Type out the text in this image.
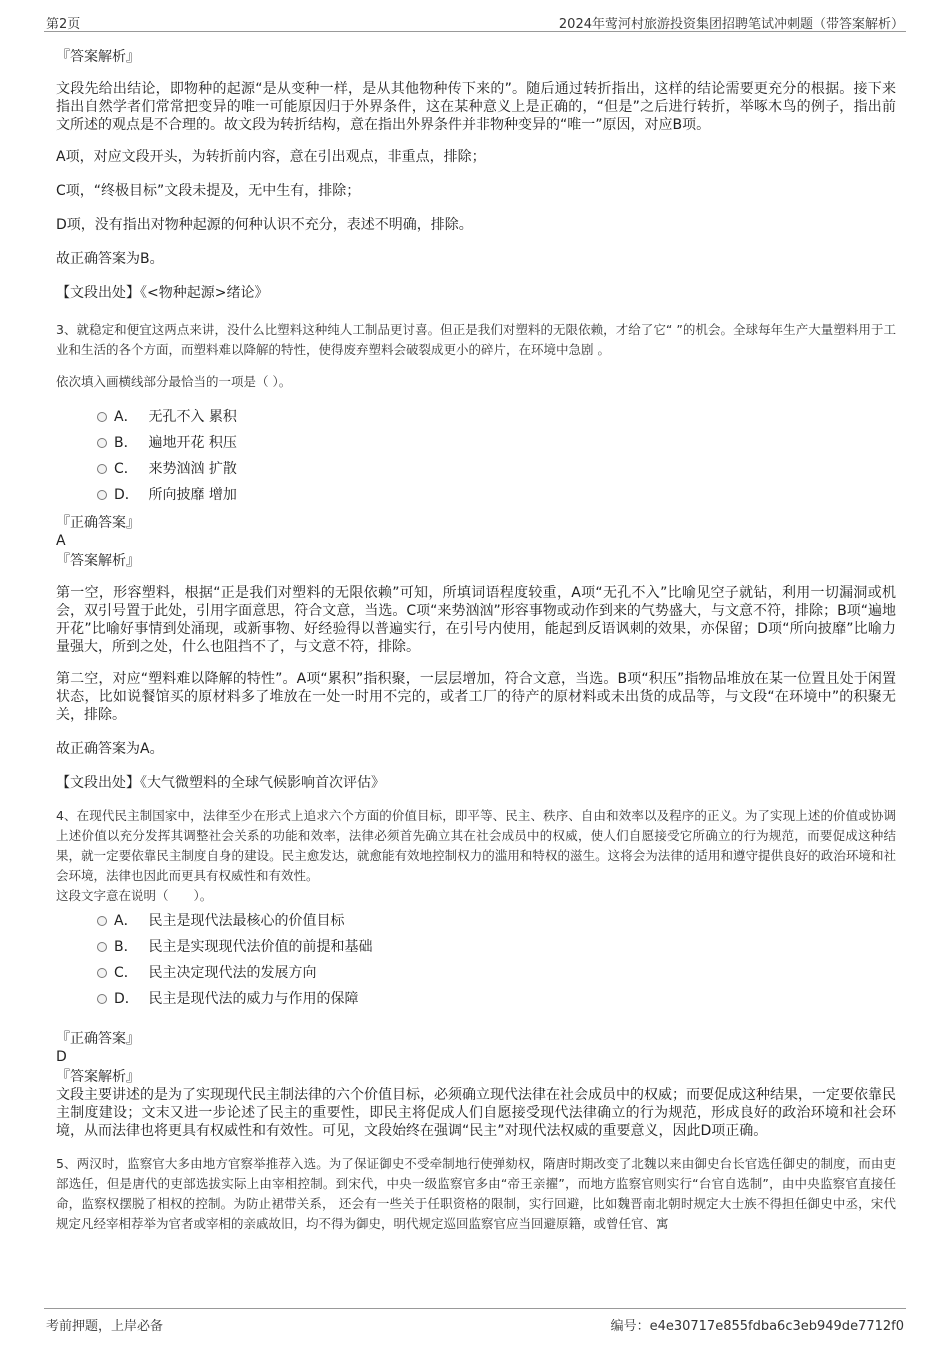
第2页	2024年莺河村旅游投资集团招聘笔试冲刺题（带答案解析）

『答案解析』

文段先给出结论，即物种的起源“是从变种一样，是从其他物种传下来的”。随后通过转折指出，这样的结论需要更充分的根据。接下来指出自然学者们常常把变异的唯一可能原因归于外界条件，这在某种意义上是正确的，“但是”之后进行转折，举啄木鸟的例子，指出前文所述的观点是不合理的。故文段为转折结构，意在指出外界条件并非物种变异的“唯一”原因，对应B项。

A项，对应文段开头，为转折前内容，意在引出观点，非重点，排除；

C项，“终极目标”文段未提及，无中生有，排除；

D项，没有指出对物种起源的何种认识不充分，表述不明确，排除。

故正确答案为B。

【文段出处】《<物种起源>绪论》

3、就稳定和便宜这两点来讲，没什么比塑料这种纯人工制品更讨喜。但正是我们对塑料的无限依赖，才给了它“ ”的机会。全球每年生产大量塑料用于工业和生活的各个方面，而塑料难以降解的特性，使得废弃塑料会破裂成更小的碎片，在环境中急剧 。

依次填入画横线部分最恰当的一项是（ ）。

A． 无孔不入 累积
B． 遍地开花 积压
C． 来势汹汹 扩散
D． 所向披靡 增加

『正确答案』

A

『答案解析』

第一空，形容塑料，根据“正是我们对塑料的无限依赖”可知，所填词语程度较重，A项“无孔不入”比喻见空子就钻，利用一切漏洞或机会，双引号置于此处，引用字面意思，符合文意，当选。C项“来势汹汹”形容事物或动作到来的气势盛大，与文意不符，排除；B项“遍地开花”比喻好事情到处涌现，或新事物、好经验得以普遍实行，在引号内使用，能起到反语讽刺的效果，亦保留；D项“所向披靡”比喻力量强大，所到之处，什么也阻挡不了，与文意不符，排除。

第二空，对应“塑料难以降解的特性”。A项“累积”指积聚，一层层增加，符合文意，当选。B项“积压”指物品堆放在某一位置且处于闲置状态，比如说餐馆买的原材料多了堆放在一处一时用不完的，或者工厂的待产的原材料或未出货的成品等，与文段“在环境中”的积聚无关，排除。

故正确答案为A。

【文段出处】《大气微塑料的全球气候影响首次评估》

4、在现代民主制国家中，法律至少在形式上追求六个方面的价值目标，即平等、民主、秩序、自由和效率以及程序的正义。为了实现上述的价值或协调上述价值以充分发挥其调整社会关系的功能和效率，法律必须首先确立其在社会成员中的权威，使人们自愿接受它所确立的行为规范，而要促成这种结果，就一定要依靠民主制度自身的建设。民主愈发达，就愈能有效地控制权力的滥用和特权的滋生。这将会为法律的适用和遵守提供良好的政治环境和社会环境，法律也因此而更具有权威性和有效性。

这段文字意在说明（　　）。

A． 民主是现代法最核心的价值目标
B． 民主是实现现代法价值的前提和基础
C． 民主决定现代法的发展方向
D． 民主是现代法的威力与作用的保障

『正确答案』

D

『答案解析』

文段主要讲述的是为了实现现代民主制法律的六个价值目标，必须确立现代法律在社会成员中的权威；而要促成这种结果，一定要依靠民主制度建设；文末又进一步论述了民主的重要性，即民主将促成人们自愿接受现代法律确立的行为规范，形成良好的政治环境和社会环境，从而法律也将更具有权威性和有效性。可见，文段始终在强调“民主”对现代法权威的重要意义，因此D项正确。

5、两汉时，监察官大多由地方官察举推荐入选。为了保证御史不受牵制地行使弹劾权，隋唐时期改变了北魏以来由御史台长官选任御史的制度，而由吏部选任，但是唐代的吏部选拔实际上由宰相控制。到宋代，中央一级监察官多由“帝王亲擢”，而地方监察官则实行“台官自选制”，由中央监察官直接任命，监察权摆脱了相权的控制。为防止裙带关系， 还会有一些关于任职资格的限制，实行回避，比如魏晋南北朝时规定大士族不得担任御史中丞，宋代规定凡经宰相荐举为官者或宰相的亲戚故旧，均不得为御史，明代规定巡回监察官应当回避原籍，或曾任官、寓

考前押题，上岸必备	编号：e4e30717e855fdba6c3eb949de7712f0
